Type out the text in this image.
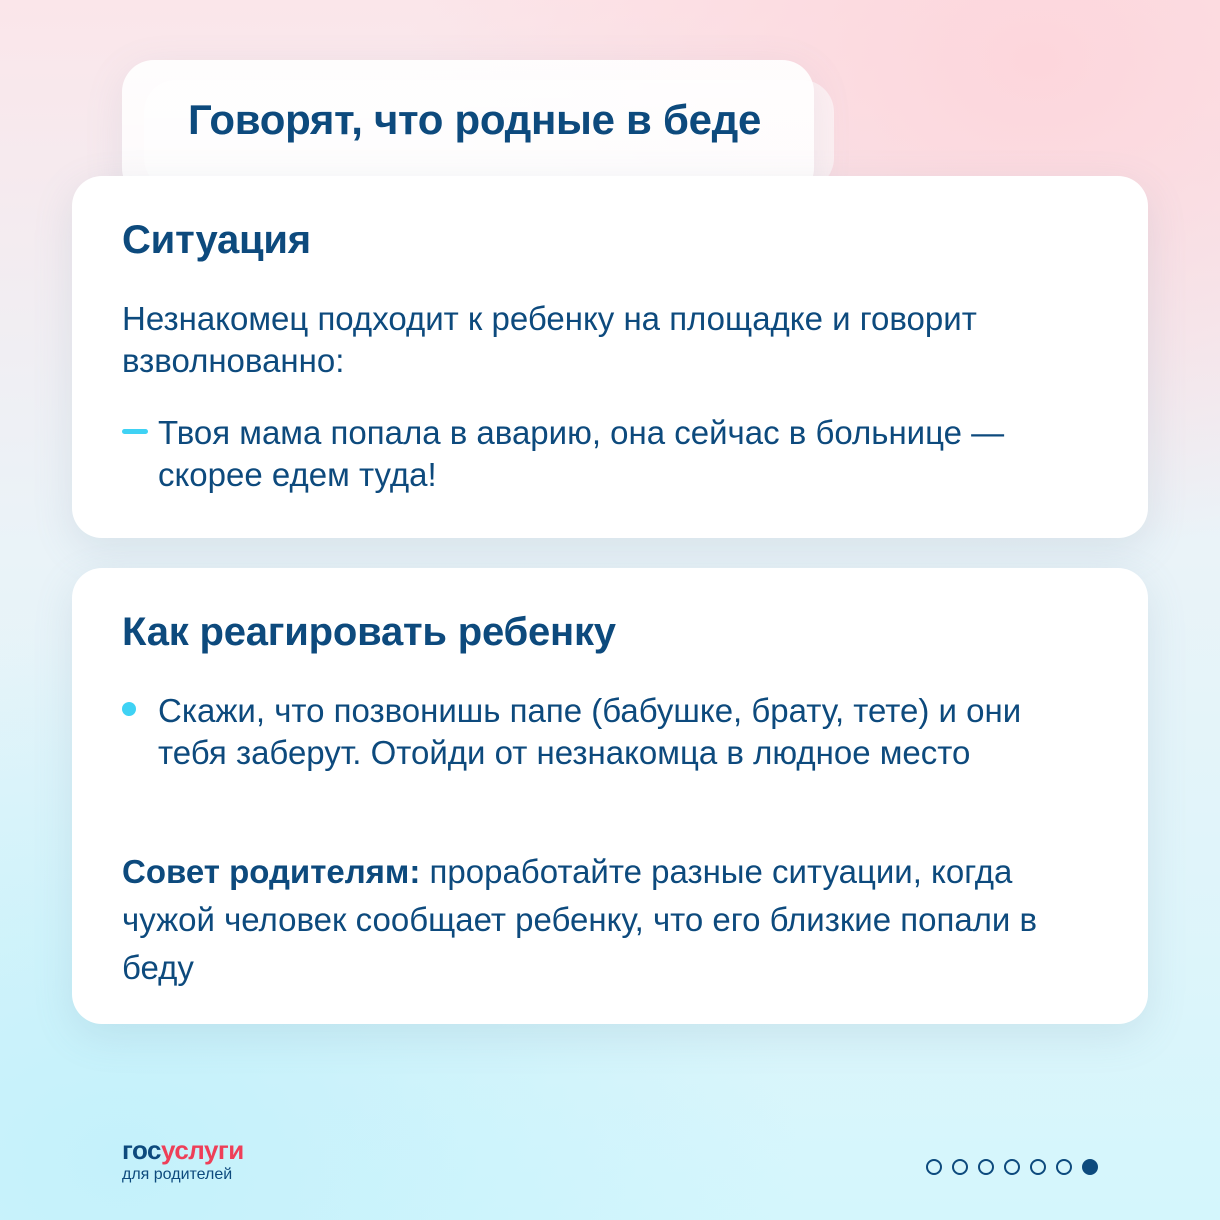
Говорят, что родные в беде
Ситуация

Незнакомец подходит к ребенку на площадке и говорит взволнованно:

Твоя мама попала в аварию, она сейчас в больнице — скорее едем туда!

Как реагировать ребенку

Скажи, что позвонишь папе (бабушке, брату, тете) и они тебя заберут. Отойди от незнакомца в людное место

Совет родителям: проработайте разные ситуации, когда чужой человек сообщает ребенку, что его близкие попали в беду

госуслуги
для родителей
